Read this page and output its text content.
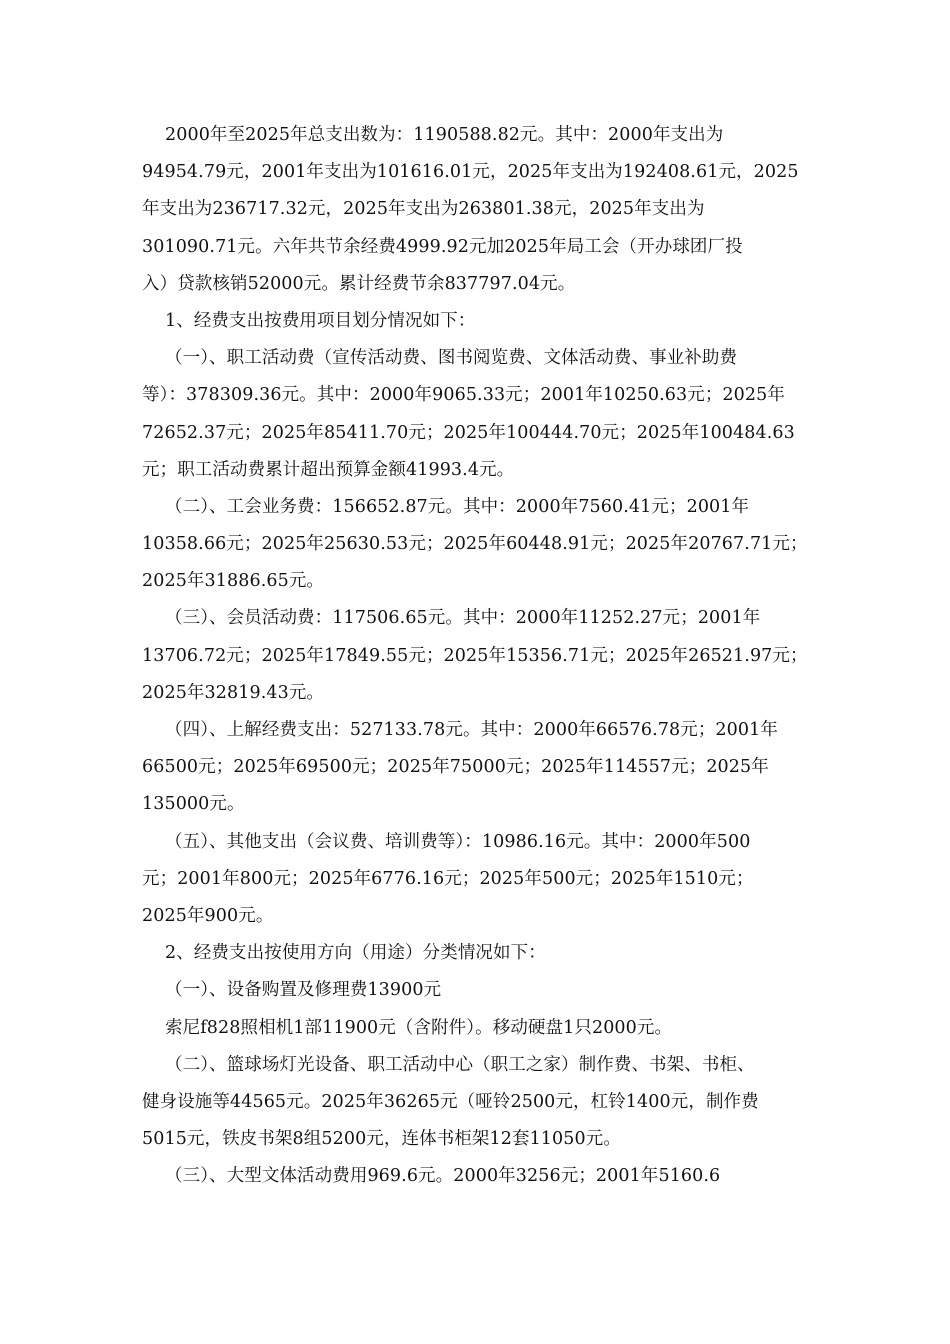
2000年至2025年总支出数为：1190588.82元。其中：2000年支出为
94954.79元，2001年支出为101616.01元，2025年支出为192408.61元，2025
年支出为236717.32元，2025年支出为263801.38元，2025年支出为
301090.71元。六年共节余经费4999.92元加2025年局工会（开办球团厂投
入）贷款核销52000元。累计经费节余837797.04元。
1、经费支出按费用项目划分情况如下：
（一）、职工活动费（宣传活动费、图书阅览费、文体活动费、事业补助费
等）：378309.36元。其中：2000年9065.33元；2001年10250.63元；2025年
72652.37元；2025年85411.70元；2025年100444.70元；2025年100484.63
元；职工活动费累计超出预算金额41993.4元。
（二）、工会业务费：156652.87元。其中：2000年7560.41元；2001年
10358.66元；2025年25630.53元；2025年60448.91元；2025年20767.71元；
2025年31886.65元。
（三）、会员活动费：117506.65元。其中：2000年11252.27元；2001年
13706.72元；2025年17849.55元；2025年15356.71元；2025年26521.97元；
2025年32819.43元。
（四）、上解经费支出：527133.78元。其中：2000年66576.78元；2001年
66500元；2025年69500元；2025年75000元；2025年114557元；2025年
135000元。
（五）、其他支出（会议费、培训费等）：10986.16元。其中：2000年500
元；2001年800元；2025年6776.16元；2025年500元；2025年1510元；
2025年900元。
2、经费支出按使用方向（用途）分类情况如下：
（一）、设备购置及修理费13900元
索尼f828照相机1部11900元（含附件）。移动硬盘1只2000元。
（二）、篮球场灯光设备、职工活动中心（职工之家）制作费、书架、书柜、
健身设施等44565元。2025年36265元（哑铃2500元，杠铃1400元，制作费
5015元，铁皮书架8组5200元，连体书柜架12套11050元。
（三）、大型文体活动费用969.6元。2000年3256元；2001年5160.6
